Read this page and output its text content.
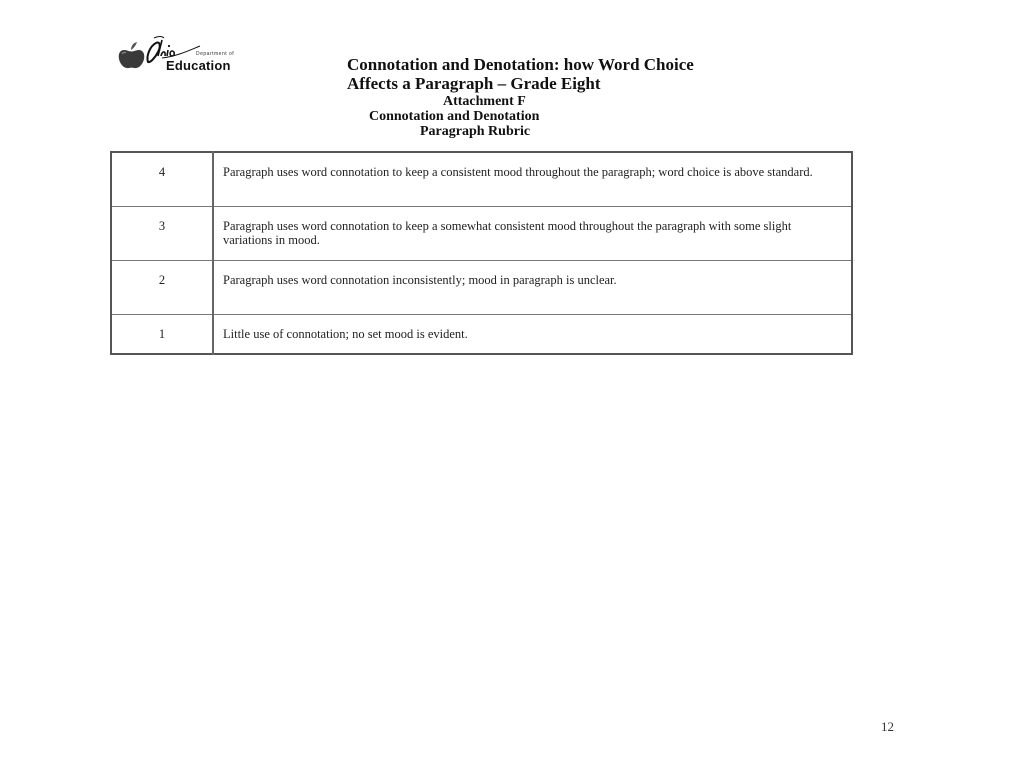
Department of
Education	Connotation and Denotation: how Word Choice
Affects a Paragraph – Grade Eight
Attachment F
Connotation and Denotation
Paragraph Rubric
4	Paragraph uses word connotation to keep a consistent mood throughout the paragraph; word choice is above standard.
3	Paragraph uses word connotation to keep a somewhat consistent mood throughout the paragraph with some slight variations in mood.
2	Paragraph uses word connotation inconsistently; mood in paragraph is unclear.
1	Little use of connotation; no set mood is evident.
12
